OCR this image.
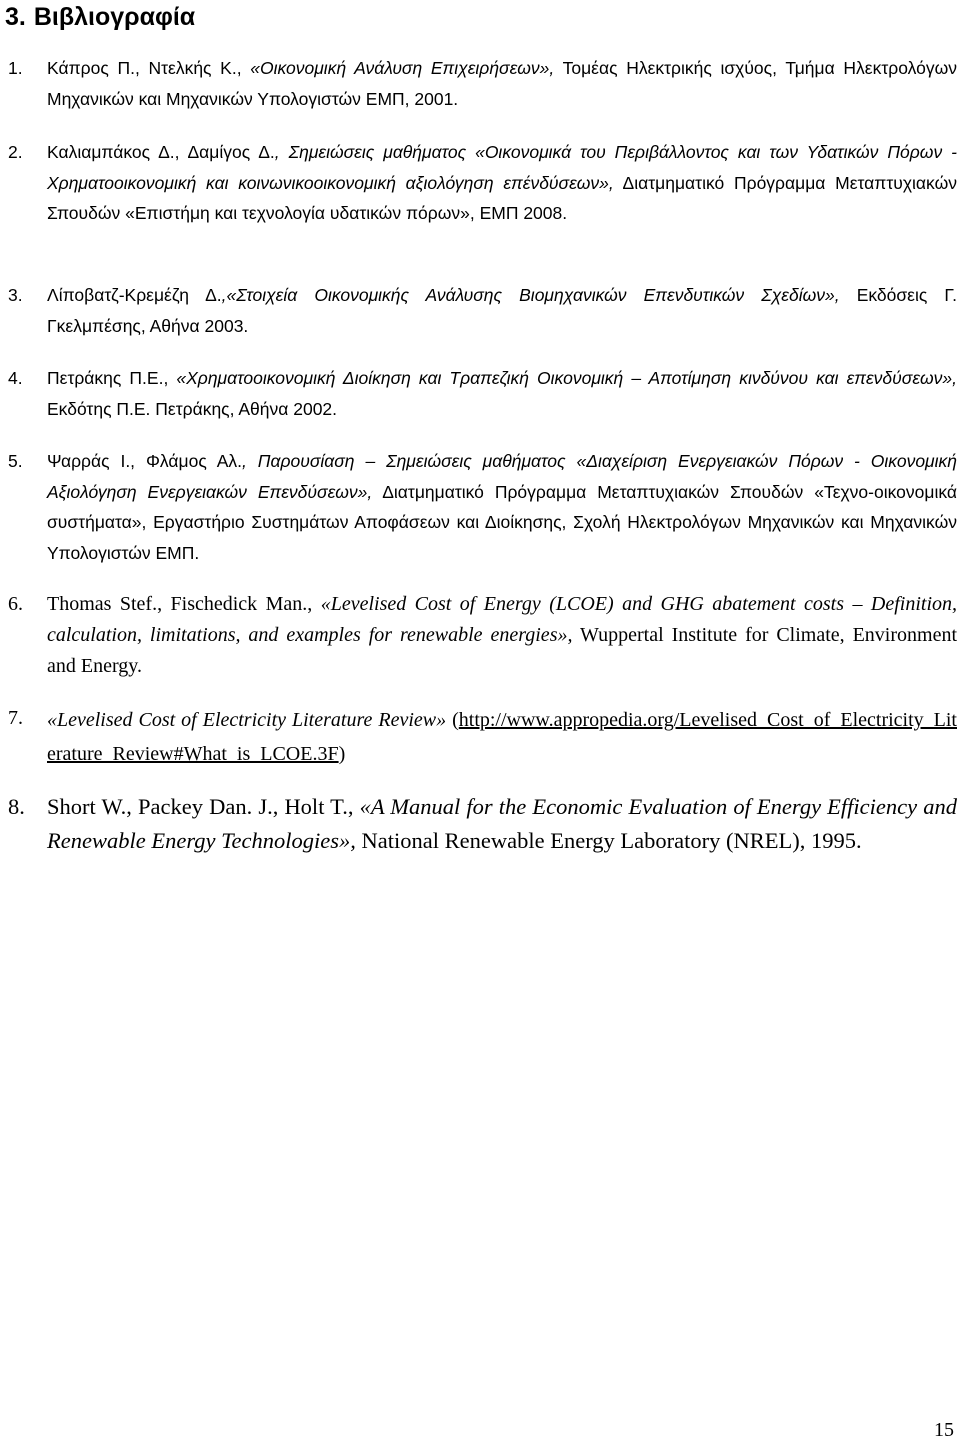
3. Βιβλιογραφία
1. Κάπρος Π., Ντελκής Κ., «Οικονομική Ανάλυση Επιχειρήσεων», Τομέας Ηλεκτρικής ισχύος, Τμήμα Ηλεκτρολόγων Μηχανικών και Μηχανικών Υπολογιστών ΕΜΠ, 2001.
2. Καλιαμπάκος Δ., Δαμίγος Δ., Σημειώσεις μαθήματος «Οικονομικά του Περιβάλλοντος και των Υδατικών Πόρων - Χρηματοοικονομική και κοινωνικοοικονομική αξιολόγηση επένδύσεων», Διατμηματικό Πρόγραμμα Μεταπτυχιακών Σπουδών «Επιστήμη και τεχνολογία υδατικών πόρων», ΕΜΠ 2008.
3. Λίποβατζ-Κρεμέζη Δ.,«Στοιχεία Οικονομικής Ανάλυσης Βιομηχανικών Επενδυτικών Σχεδίων», Εκδόσεις Γ. Γκελμπέσης, Αθήνα 2003.
4. Πετράκης Π.Ε., «Χρηματοοικονομική Διοίκηση και Τραπεζική Οικονομική – Αποτίμηση κινδύνου και επενδύσεων», Εκδότης Π.Ε. Πετράκης, Αθήνα 2002.
5. Ψαρράς Ι., Φλάμος Αλ., Παρουσίαση – Σημειώσεις μαθήματος «Διαχείριση Ενεργειακών Πόρων - Οικονομική Αξιολόγηση Ενεργειακών Επενδύσεων», Διατμηματικό Πρόγραμμα Μεταπτυχιακών Σπουδών «Τεχνο-οικονομικά συστήματα», Εργαστήριο Συστημάτων Αποφάσεων και Διοίκησης, Σχολή Ηλεκτρολόγων Μηχανικών και Μηχανικών Υπολογιστών ΕΜΠ.
6. Thomas Stef., Fischedick Man., «Levelised Cost of Energy (LCOE) and GHG abatement costs – Definition, calculation, limitations, and examples for renewable energies», Wuppertal Institute for Climate, Environment and Energy.
7. «Levelised Cost of Electricity Literature Review» (http://www.appropedia.org/Levelised_Cost_of_Electricity_Literature_Review#What_is_LCOE.3F)
8. Short W., Packey Dan. J., Holt T., «A Manual for the Economic Evaluation of Energy Efficiency and Renewable Energy Technologies», National Renewable Energy Laboratory (NREL), 1995.
15
